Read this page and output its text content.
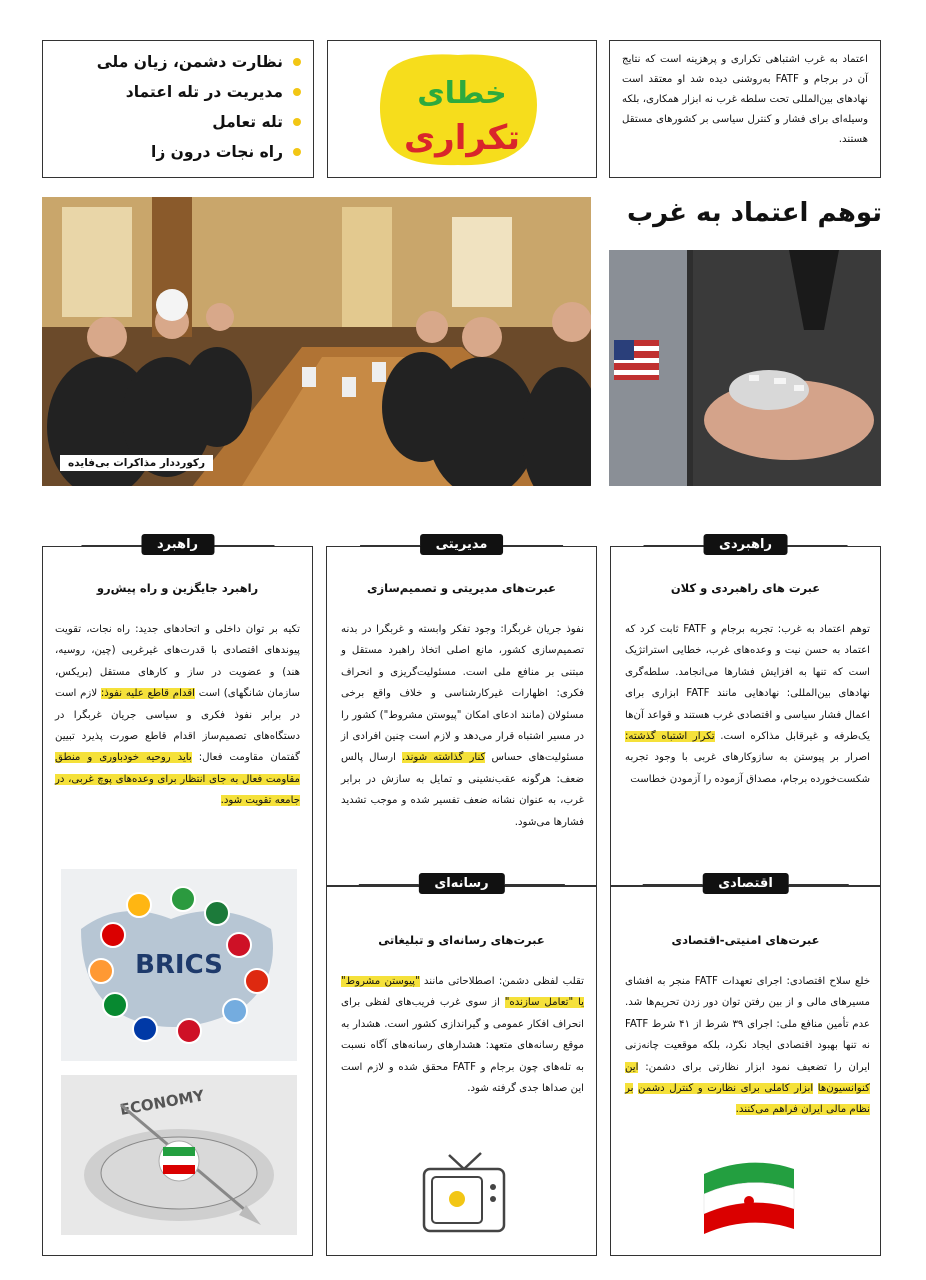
نظارت دشمن، زیان ملی
مدیریت در تله اعتماد
تله تعامل
راه نجات درون زا
خطای
تکراری
اعتماد به غرب اشتباهی تکراری و پرهزینه است که نتایج آن در برجام و FATF به‌روشنی دیده شد او معتقد است نهادهای بین‌المللی تحت سلطه غرب نه ابزار همکاری، بلکه وسیله‌ای برای فشار و کنترل سیاسی بر کشورهای مستقل هستند.
توهم اعتماد به غرب
رکورددار مذاکرات بی‌فایده
راهبردی
عبرت‌ های راهبردی و کلان
توهم اعتماد به غرب: تجربه برجام و FATF ثابت کرد که اعتماد به حسن نیت و وعده‌های غرب، خطایی استراتژیک است که تنها به افزایش فشارها می‌انجامد. سلطه‌گری نهادهای بین‌المللی: نهادهایی مانند FATF ابزاری برای اعمال فشار سیاسی و اقتصادی غرب هستند و قواعد آن‌ها یک‌طرفه و غیرقابل مذاکره است. تکرار اشتباه گذشته: اصرار بر پیوستن به سازوکارهای غربی با وجود تجربه شکست‌خورده برجام، مصداق آزموده را آزمودن خطاست
اقتصادی
عبرت‌های امنیتی-اقتصادی
خلع سلاح اقتصادی: اجرای تعهدات FATF منجر به افشای مسیرهای مالی و از بین رفتن توان دور زدن تحریم‌ها شد. عدم تأمین منافع ملی: اجرای ۳۹ شرط از ۴۱ شرط FATF نه تنها بهبود اقتصادی ایجاد نکرد، بلکه موقعیت چانه‌زنی ایران را تضعیف نمود ابزار نظارتی برای دشمن: این کنوانسیون‌ها ابزار کاملی برای نظارت و کنترل دشمن بر نظام مالی ایران فراهم می‌کنند.
مدیریتی
عبرت‌های مدیریتی و تصمیم‌سازی
نفوذ جریان غربگرا: وجود تفکر وابسته و غربگرا در بدنه تصمیم‌سازی کشور، مانع اصلی اتخاذ راهبرد مستقل و مبتنی بر منافع ملی است. مسئولیت‌گریزی و انحراف فکری: اظهارات غیرکارشناسی و خلاف واقع برخی مسئولان (مانند ادعای امکان "پیوستن مشروط") کشور را در مسیر اشتباه قرار می‌دهد و لازم است چنین افرادی از مسئولیت‌های حساس کنار گذاشته شوند. ارسال پالس ضعف: هرگونه عقب‌نشینی و تمایل به سازش در برابر غرب، به عنوان نشانه ضعف تفسیر شده و موجب تشدید فشارها می‌شود.
رسانه‌ای
عبرت‌های رسانه‌ای و تبلیغاتی
تقلب لفظی دشمن: اصطلاحاتی مانند "پیوستن مشروط" یا "تعامل سازنده" از سوی غرب فریب‌های لفظی برای انحراف افکار عمومی و گیراندازی کشور است. هشدار به موقع رسانه‌های متعهد: هشدارهای رسانه‌های آگاه نسبت به تله‌های چون برجام و FATF محقق شده و لازم است این صداها جدی گرفته شود.
راهبرد
راهبرد جایگزین و راه پیش‌رو
تکیه بر توان داخلی و اتحادهای جدید: راه نجات، تقویت پیوندهای اقتصادی با قدرت‌های غیرغربی (چین، روسیه، هند) و عضویت در ساز و کارهای مستقل (بریکس، سازمان شانگهای) است اقدام قاطع علیه نفوذ: لازم است در برابر نفوذ فکری و سیاسی جریان غربگرا در دستگاه‌های تصمیم‌ساز اقدام قاطع صورت پذیرد تبیین گفتمان مقاومت فعال: باید روحیه خودباوری و منطق مقاومت فعال به جای انتظار برای وعده‌های پوچ غربی، در جامعه تقویت شود.
BRICS
ECONOMY
